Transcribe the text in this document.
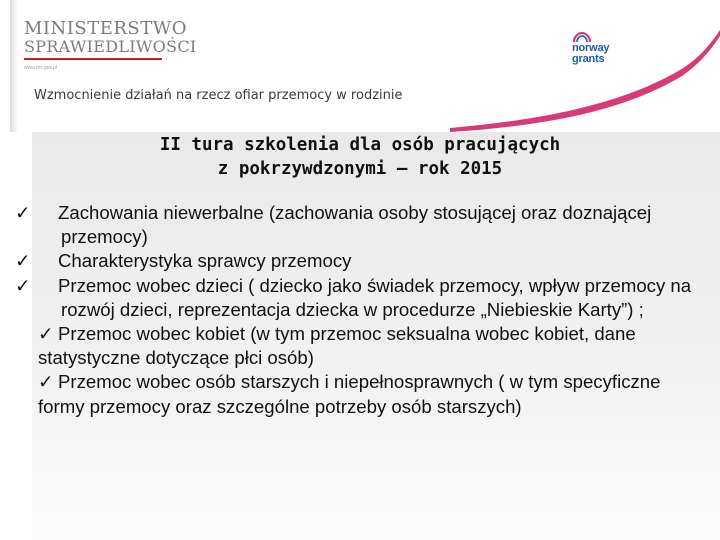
MINISTERSTWO
SPRAWIEDLIWOŚCI
www.ms.gov.pl
Wzmocnienie działań na rzecz ofiar przemocy w rodzinie
norway
grants
II tura szkolenia dla osób pracujących
z pokrzywdzonymi – rok 2015
✓ Zachowania niewerbalne (zachowania osoby stosującej oraz doznającej przemocy)
✓ Charakterystyka sprawcy przemocy
✓ Przemoc wobec dzieci ( dziecko jako świadek przemocy, wpływ przemocy na rozwój dzieci, reprezentacja dziecka w procedurze „Niebieskie Karty”) ;
✓ Przemoc wobec kobiet (w tym przemoc seksualna wobec kobiet, dane statystyczne dotyczące płci osób)
✓ Przemoc wobec osób starszych i niepełnosprawnych ( w tym specyficzne formy przemocy oraz szczególne potrzeby osób starszych)
